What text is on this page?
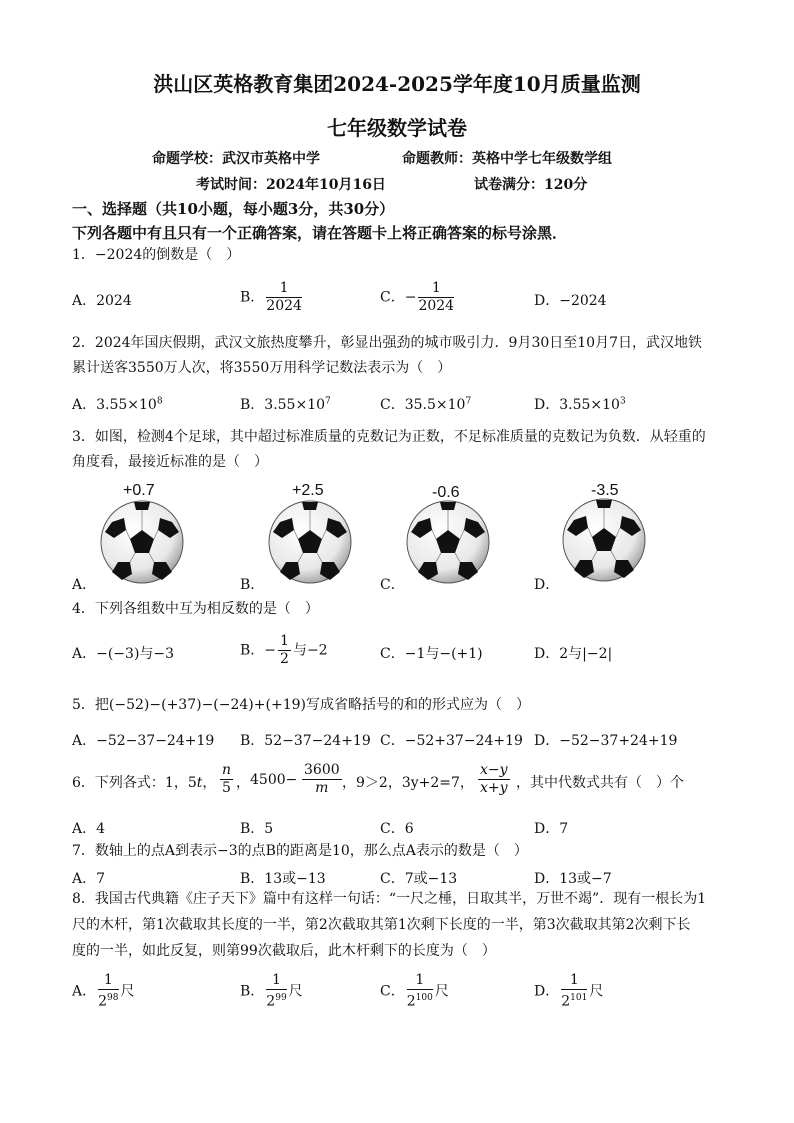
洪山区英格教育集团2024-2025学年度10月质量监测
七年级数学试卷
命题学校：武汉市英格中学	命题教师：英格中学七年级数学组
考试时间：2024年10月16日	试卷满分：120分
一、选择题（共10小题，每小题3分，共30分）
下列各题中有且只有一个正确答案，请在答题卡上将正确答案的标号涂黑．
1．−2024的倒数是（　）
A．2024	B． $\frac{1}{2024}$	C．− $\frac{1}{2024}$	D．−2024
2．2024年国庆假期，武汉文旅热度攀升，彰显出强劲的城市吸引力．9月30日至10月7日，武汉地铁
累计送客3550万人次，将3550万用科学记数法表示为（　）
A．$3.55\times 10^8$	B．$3.55\times 10^7$	C．$35.5\times 10^7$	D．$3.55\times 10^3$
3．如图，检测4个足球，其中超过标准质量的克数记为正数，不足标准质量的克数记为负数．从轻重的
角度看，最接近标准的是（　）
+0.7
A．
+2.5
B．
-0.6
C．
-3.5
D．
4．下列各组数中互为相反数的是（　）
A．−(−3)与−3	B．− $\frac{1}{2}$ 与−2	C．−1与−(+1)	D．2与|−2|
5．把(−52)−(+37)−(−24)+(+19)写成省略括号的和的形式应为（　）
A．−52−37−24+19 B．52−37−24+19 C．−52+37−24+19 D．−52−37+24+19
6．下列各式：1，5t， $\frac{n}{5}$ ， $4500- \frac{3600}{m}$ ，9＞2，3y+2=7， $\frac{x-y}{x+y}$ ，其中代数式共有（　）个
A．4	B．5	C．6	D．7
7．数轴上的点A到表示−3的点B的距离是10，那么点A表示的数是（　）
A．7	B．13或−13	C．7或−13	D．13或−7
8．我国古代典籍《庄子天下》篇中有这样一句话：“一尺之棰，日取其半，万世不竭”．现有一根长为1
尺的木杆，第1次截取其长度的一半，第2次截取其第1次剩下长度的一半，第3次截取其第2次剩下长
度的一半，如此反复，则第99次截取后，此木杆剩下的长度为（　）
A． $\frac{1}{2^{98}}$ 尺	B． $\frac{1}{2^{99}}$ 尺	C． $\frac{1}{2^{100}}$ 尺	D． $\frac{1}{2^{101}}$ 尺
